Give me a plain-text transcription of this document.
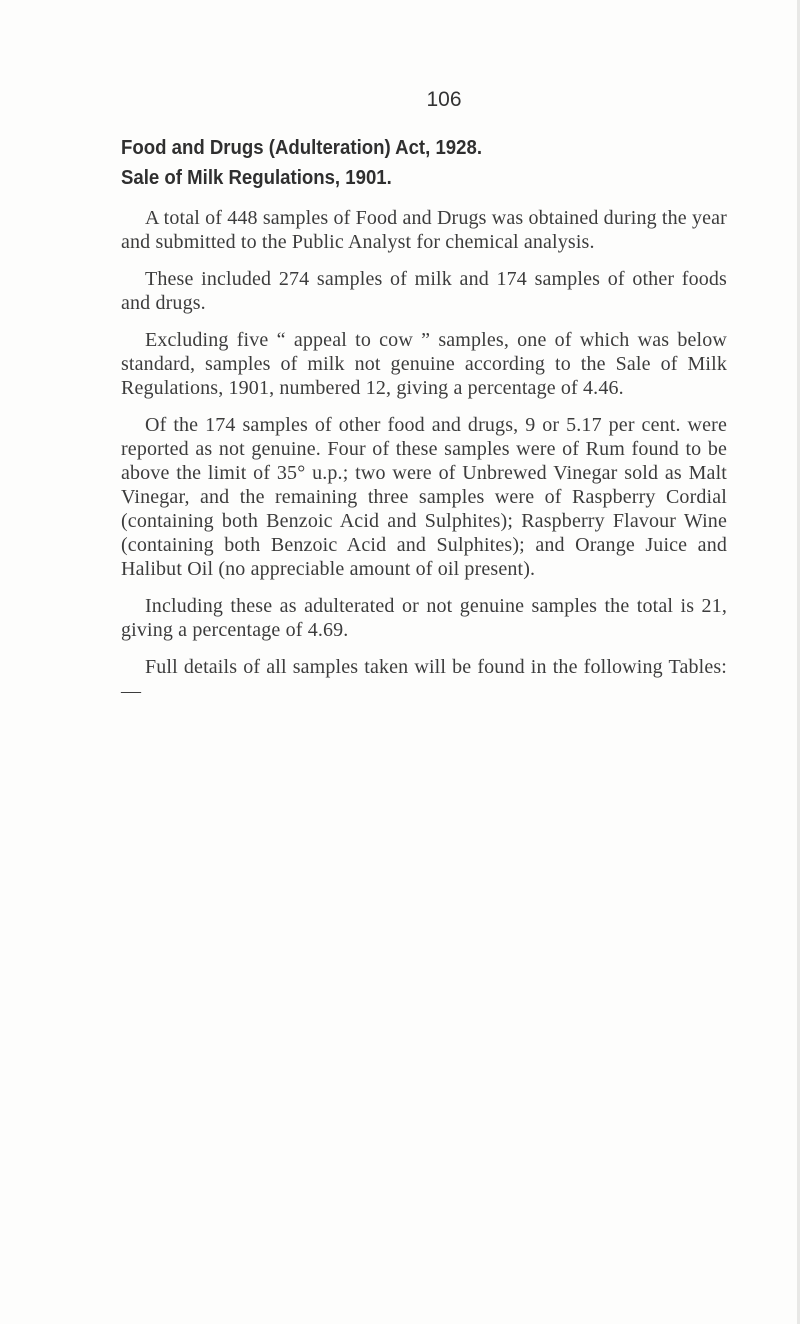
106
Food and Drugs (Adulteration) Act, 1928.
Sale of Milk Regulations, 1901.

A total of 448 samples of Food and Drugs was obtained during the year and submitted to the Public Analyst for chemical analysis.

These included 274 samples of milk and 174 samples of other foods and drugs.

Excluding five “ appeal to cow ” samples, one of which was below standard, samples of milk not genuine according to the Sale of Milk Regulations, 1901, numbered 12, giving a percentage of 4.46.

Of the 174 samples of other food and drugs, 9 or 5.17 per cent. were reported as not genuine. Four of these samples were of Rum found to be above the limit of 35° u.p.; two were of Unbrewed Vinegar sold as Malt Vinegar, and the remaining three samples were of Raspberry Cordial (containing both Benzoic Acid and Sulphites); Raspberry Flavour Wine (containing both Benzoic Acid and Sulphites); and Orange Juice and Halibut Oil (no appreciable amount of oil present).

Including these as adulterated or not genuine samples the total is 21, giving a percentage of 4.69.

Full details of all samples taken will be found in the following Tables:—
